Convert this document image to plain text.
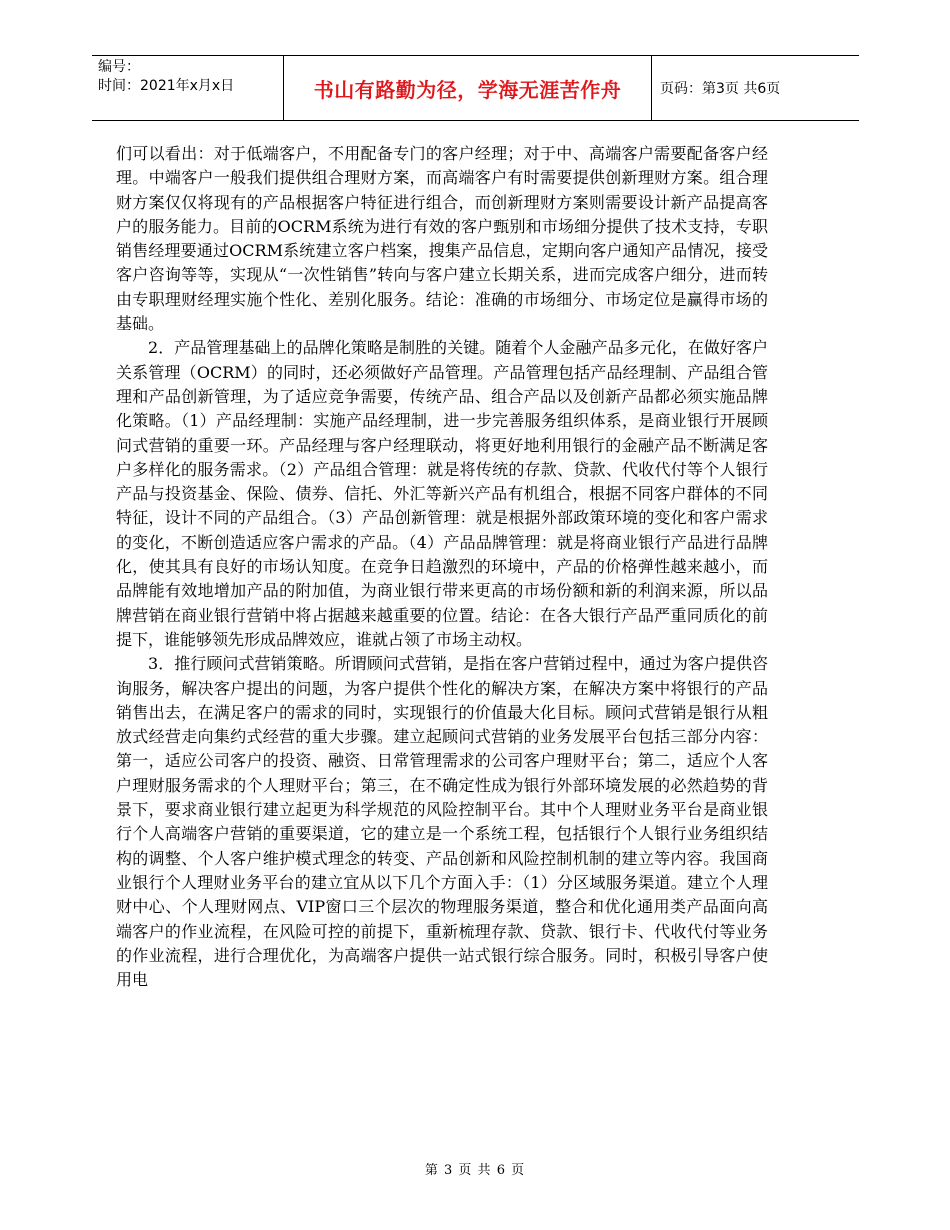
编号：
时间：2021年x月x日	书山有路勤为径，学海无涯苦作舟	页码：第3页 共6页

们可以看出：对于低端客户，不用配备专门的客户经理；对于中、高端客户需要配备客户经理。中端客户一般我们提供组合理财方案，而高端客户有时需要提供创新理财方案。组合理财方案仅仅将现有的产品根据客户特征进行组合，而创新理财方案则需要设计新产品提高客户的服务能力。目前的OCRM系统为进行有效的客户甄别和市场细分提供了技术支持，专职销售经理要通过OCRM系统建立客户档案，搜集产品信息，定期向客户通知产品情况，接受客户咨询等等，实现从“一次性销售”转向与客户建立长期关系，进而完成客户细分，进而转由专职理财经理实施个性化、差别化服务。结论：准确的市场细分、市场定位是赢得市场的基础。

2．产品管理基础上的品牌化策略是制胜的关键。随着个人金融产品多元化，在做好客户关系管理（OCRM）的同时，还必须做好产品管理。产品管理包括产品经理制、产品组合管理和产品创新管理，为了适应竞争需要，传统产品、组合产品以及创新产品都必须实施品牌化策略。（1）产品经理制：实施产品经理制，进一步完善服务组织体系，是商业银行开展顾问式营销的重要一环。产品经理与客户经理联动，将更好地利用银行的金融产品不断满足客户多样化的服务需求。（2）产品组合管理：就是将传统的存款、贷款、代收代付等个人银行产品与投资基金、保险、债券、信托、外汇等新兴产品有机组合，根据不同客户群体的不同特征，设计不同的产品组合。（3）产品创新管理：就是根据外部政策环境的变化和客户需求的变化，不断创造适应客户需求的产品。（4）产品品牌管理：就是将商业银行产品进行品牌化，使其具有良好的市场认知度。在竞争日趋激烈的环境中，产品的价格弹性越来越小，而品牌能有效地增加产品的附加值，为商业银行带来更高的市场份额和新的利润来源，所以品牌营销在商业银行营销中将占据越来越重要的位置。结论：在各大银行产品严重同质化的前提下，谁能够领先形成品牌效应，谁就占领了市场主动权。

3．推行顾问式营销策略。所谓顾问式营销，是指在客户营销过程中，通过为客户提供咨询服务，解决客户提出的问题，为客户提供个性化的解决方案，在解决方案中将银行的产品销售出去，在满足客户的需求的同时，实现银行的价值最大化目标。顾问式营销是银行从粗放式经营走向集约式经营的重大步骤。建立起顾问式营销的业务发展平台包括三部分内容：第一，适应公司客户的投资、融资、日常管理需求的公司客户理财平台；第二，适应个人客户理财服务需求的个人理财平台；第三，在不确定性成为银行外部环境发展的必然趋势的背景下，要求商业银行建立起更为科学规范的风险控制平台。其中个人理财业务平台是商业银行个人高端客户营销的重要渠道，它的建立是一个系统工程，包括银行个人银行业务组织结构的调整、个人客户维护模式理念的转变、产品创新和风险控制机制的建立等内容。我国商业银行个人理财业务平台的建立宜从以下几个方面入手：（1）分区域服务渠道。建立个人理财中心、个人理财网点、VIP窗口三个层次的物理服务渠道，整合和优化通用类产品面向高端客户的作业流程，在风险可控的前提下，重新梳理存款、贷款、银行卡、代收代付等业务的作业流程，进行合理优化，为高端客户提供一站式银行综合服务。同时，积极引导客户使用电

第 3 页 共 6 页
